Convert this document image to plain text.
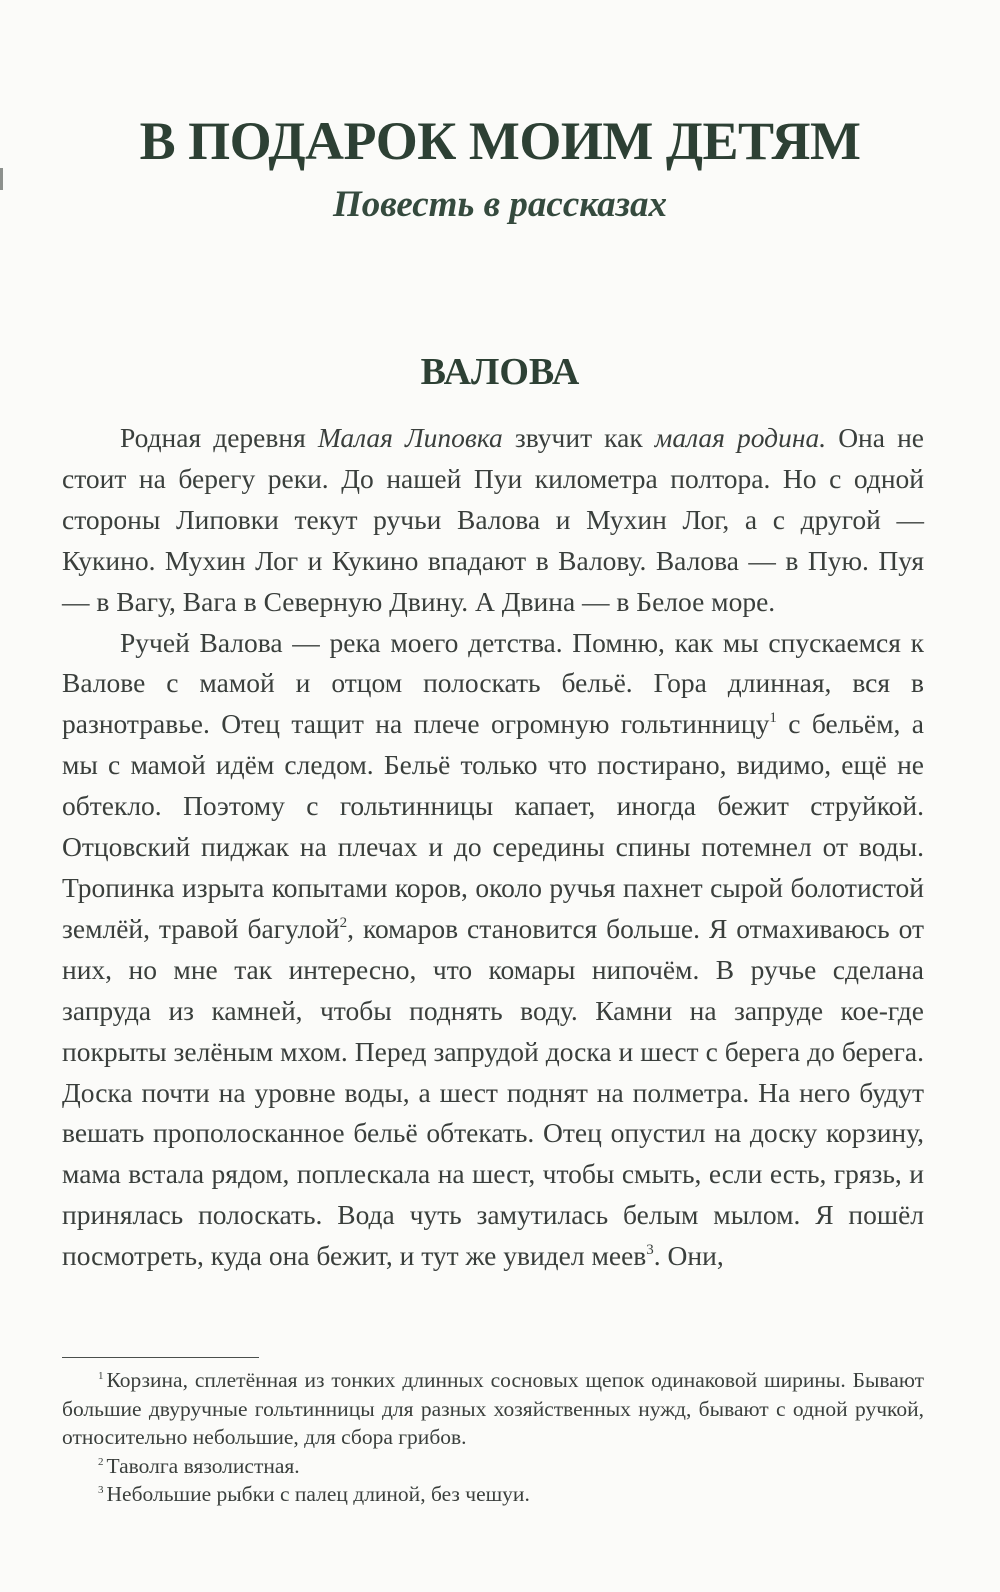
В ПОДАРОК МОИМ ДЕТЯМ
Повесть в рассказах
ВАЛОВА

Родная деревня Малая Липовка звучит как малая родина. Она не стоит на берегу реки. До нашей Пуи километра полтора. Но с одной стороны Липовки текут ручьи Валова и Мухин Лог, а с другой — Кукино. Мухин Лог и Кукино впадают в Валову. Валова — в Пую. Пуя — в Вагу, Вага в Северную Двину. А Двина — в Белое море.

Ручей Валова — река моего детства. Помню, как мы спускаемся к Валове с мамой и отцом полоскать бельё. Гора длинная, вся в разнотравье. Отец тащит на плече огромную гольтинницу$^1$ с бельём, а мы с мамой идём следом. Бельё только что постирано, видимо, ещё не обтекло. Поэтому с гольтинницы капает, иногда бежит струйкой. Отцовский пиджак на плечах и до середины спины потемнел от воды. Тропинка изрыта копытами коров, около ручья пахнет сырой болотистой землёй, травой багулой$^2$, комаров становится больше. Я отмахиваюсь от них, но мне так интересно, что комары нипочём. В ручье сделана запруда из камней, чтобы поднять воду. Камни на запруде кое-где покрыты зелёным мхом. Перед запрудой доска и шест с берега до берега. Доска почти на уровне воды, а шест поднят на полметра. На него будут вешать прополосканное бельё обтекать. Отец опустил на доску корзину, мама встала рядом, поплескала на шест, чтобы смыть, если есть, грязь, и принялась полоскать. Вода чуть замутилась белым мылом. Я пошёл посмотреть, куда она бежит, и тут же увидел меев$^3$. Они,

$^1$ Корзина, сплетённая из тонких длинных сосновых щепок одинаковой ширины. Бывают большие двуручные гольтинницы для разных хозяйственных нужд, бывают с одной ручкой, относительно небольшие, для сбора грибов.

$^2$ Таволга вязолистная.

$^3$ Небольшие рыбки с палец длиной, без чешуи.
